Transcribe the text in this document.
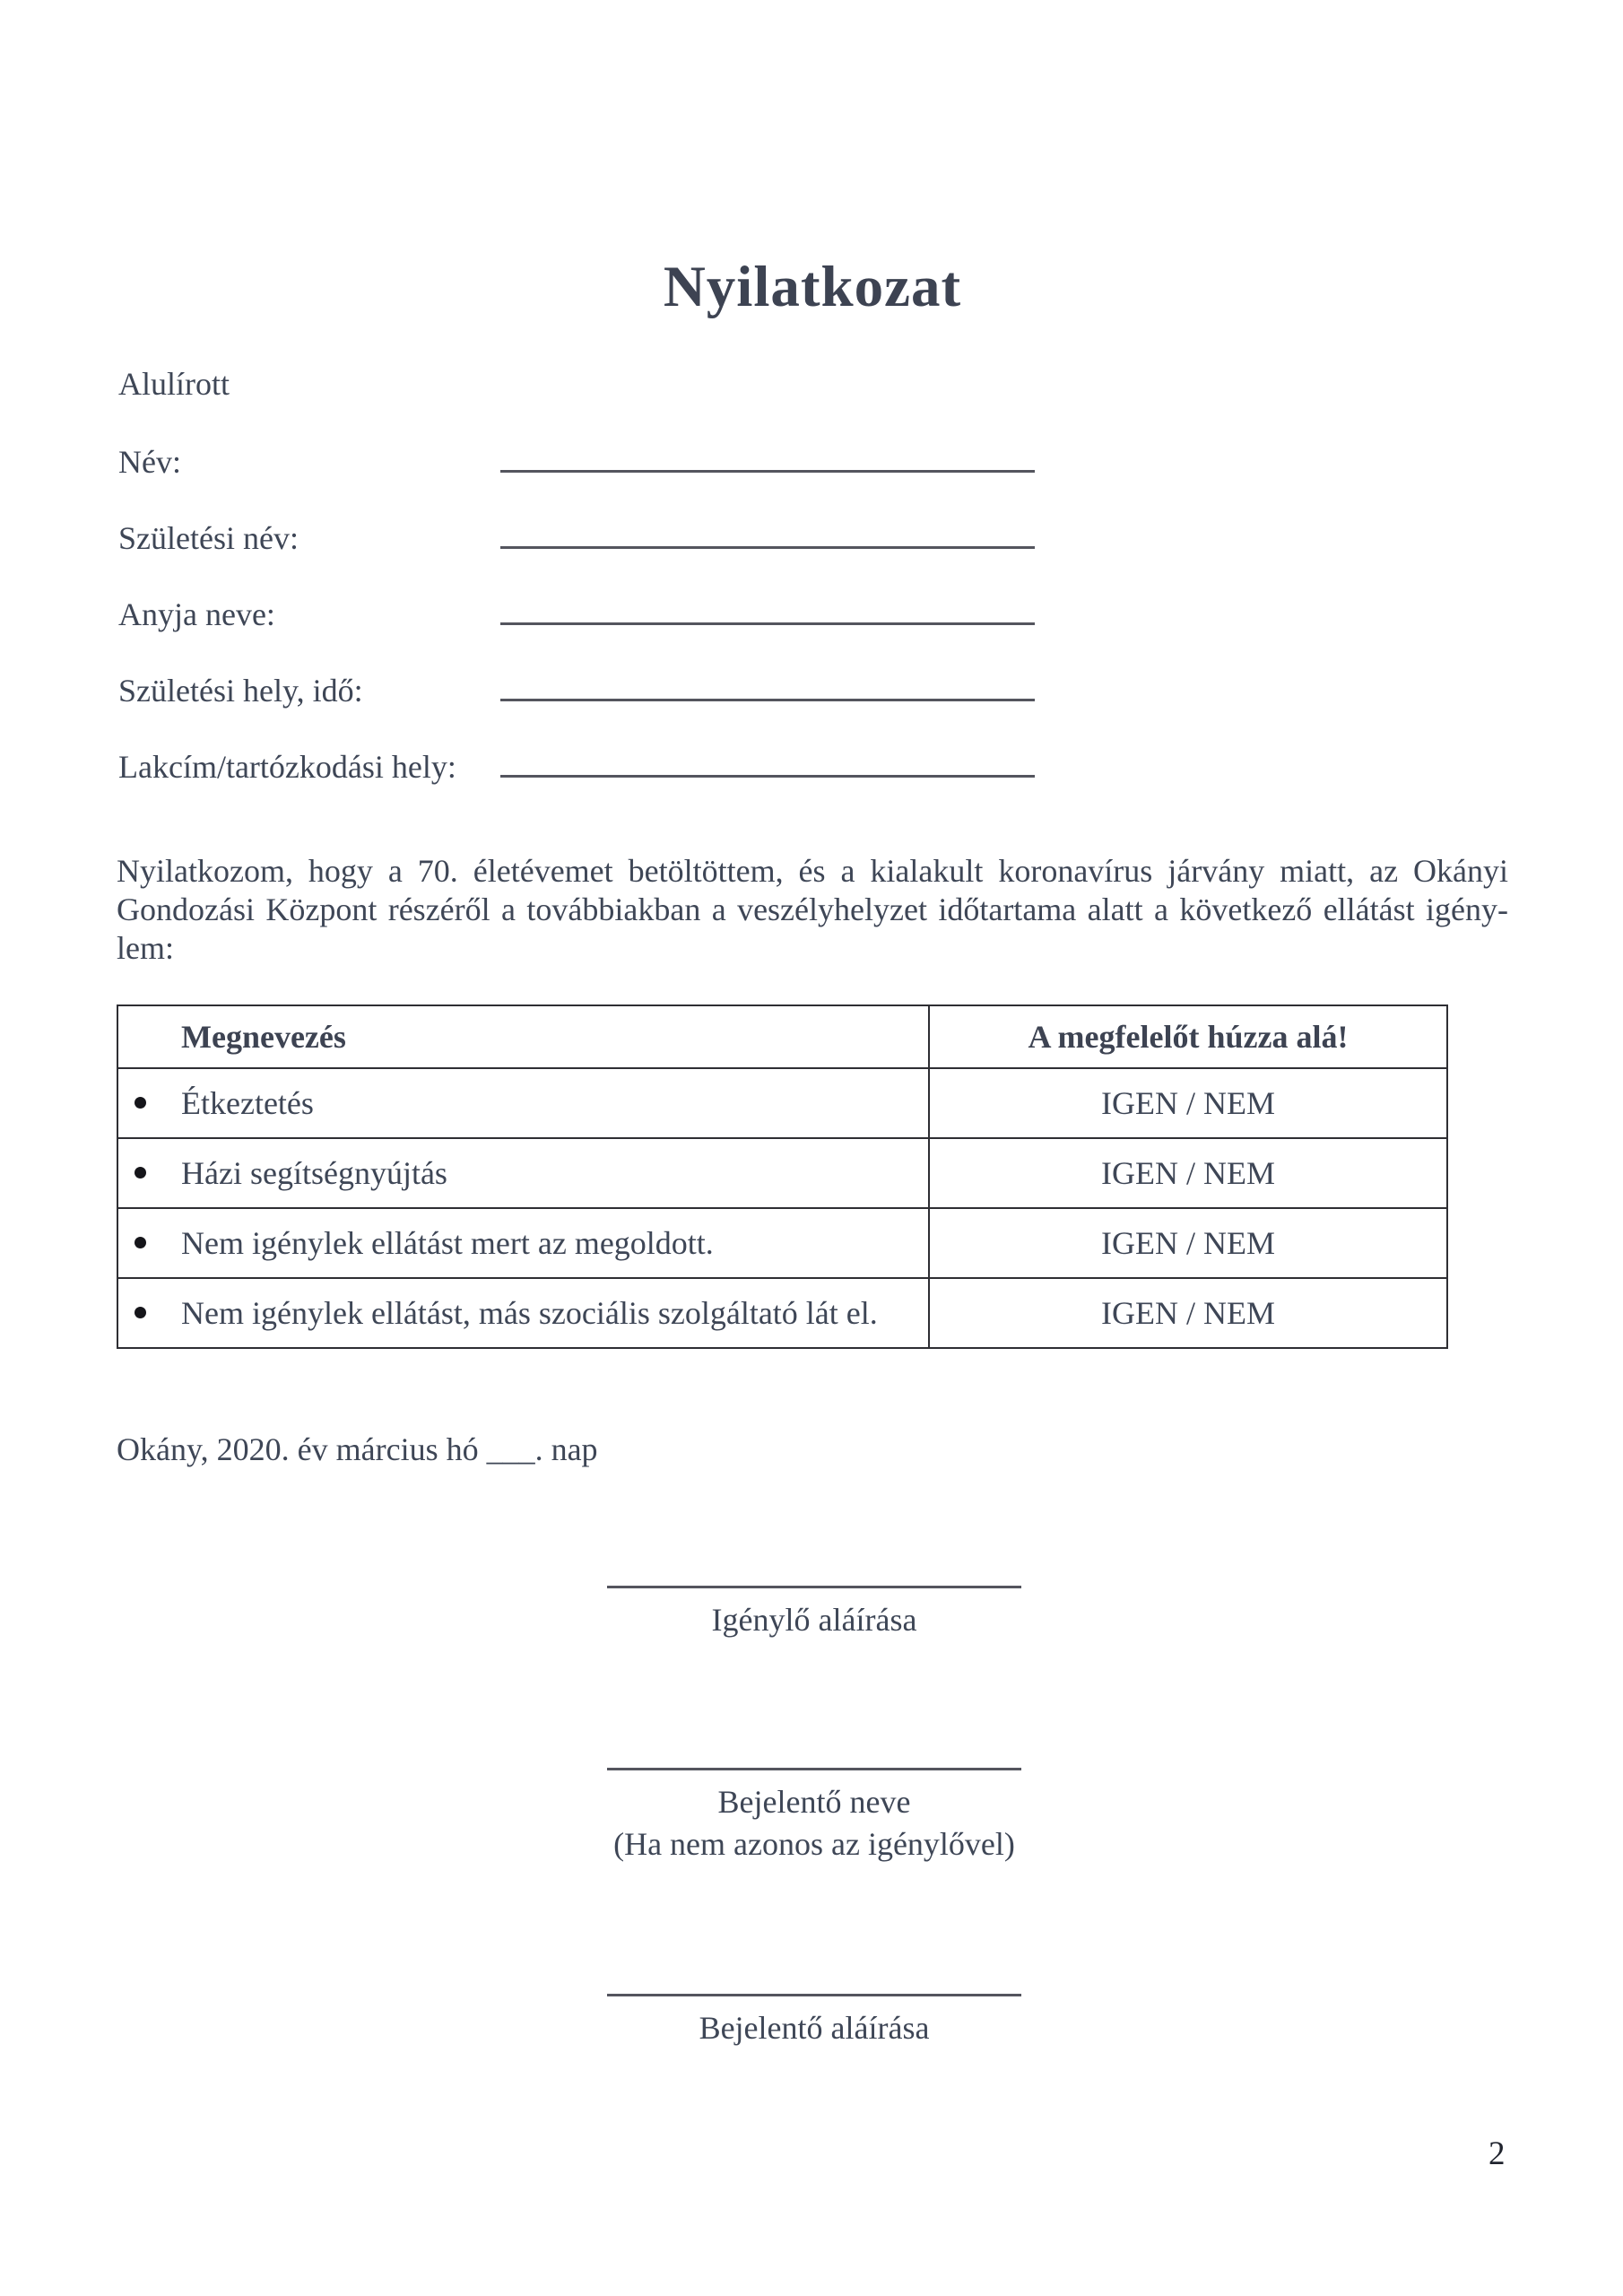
Nyilatkozat
Alulírott
Név:
Születési név:
Anyja neve:
Születési hely, idő:
Lakcím/tartózkodási hely:
Nyilatkozom, hogy a 70. életévemet betöltöttem, és a kialakult koronavírus járvány miatt, az Okányi
Gondozási Központ részéről a továbbiakban a veszélyhelyzet időtartama alatt a következő ellátást igény-
lem:
Megnevezés	A megfelelőt húzza alá!

Étkeztetés	IGEN / NEM

Házi segítségnyújtás	IGEN / NEM

Nem igénylek ellátást mert az megoldott.	IGEN / NEM

Nem igénylek ellátást, más szociális szolgáltató lát el.	IGEN / NEM
Okány, 2020. év március hó ___. nap
Igénylő aláírása
Bejelentő neve
(Ha nem azonos az igénylővel)
Bejelentő aláírása
2
